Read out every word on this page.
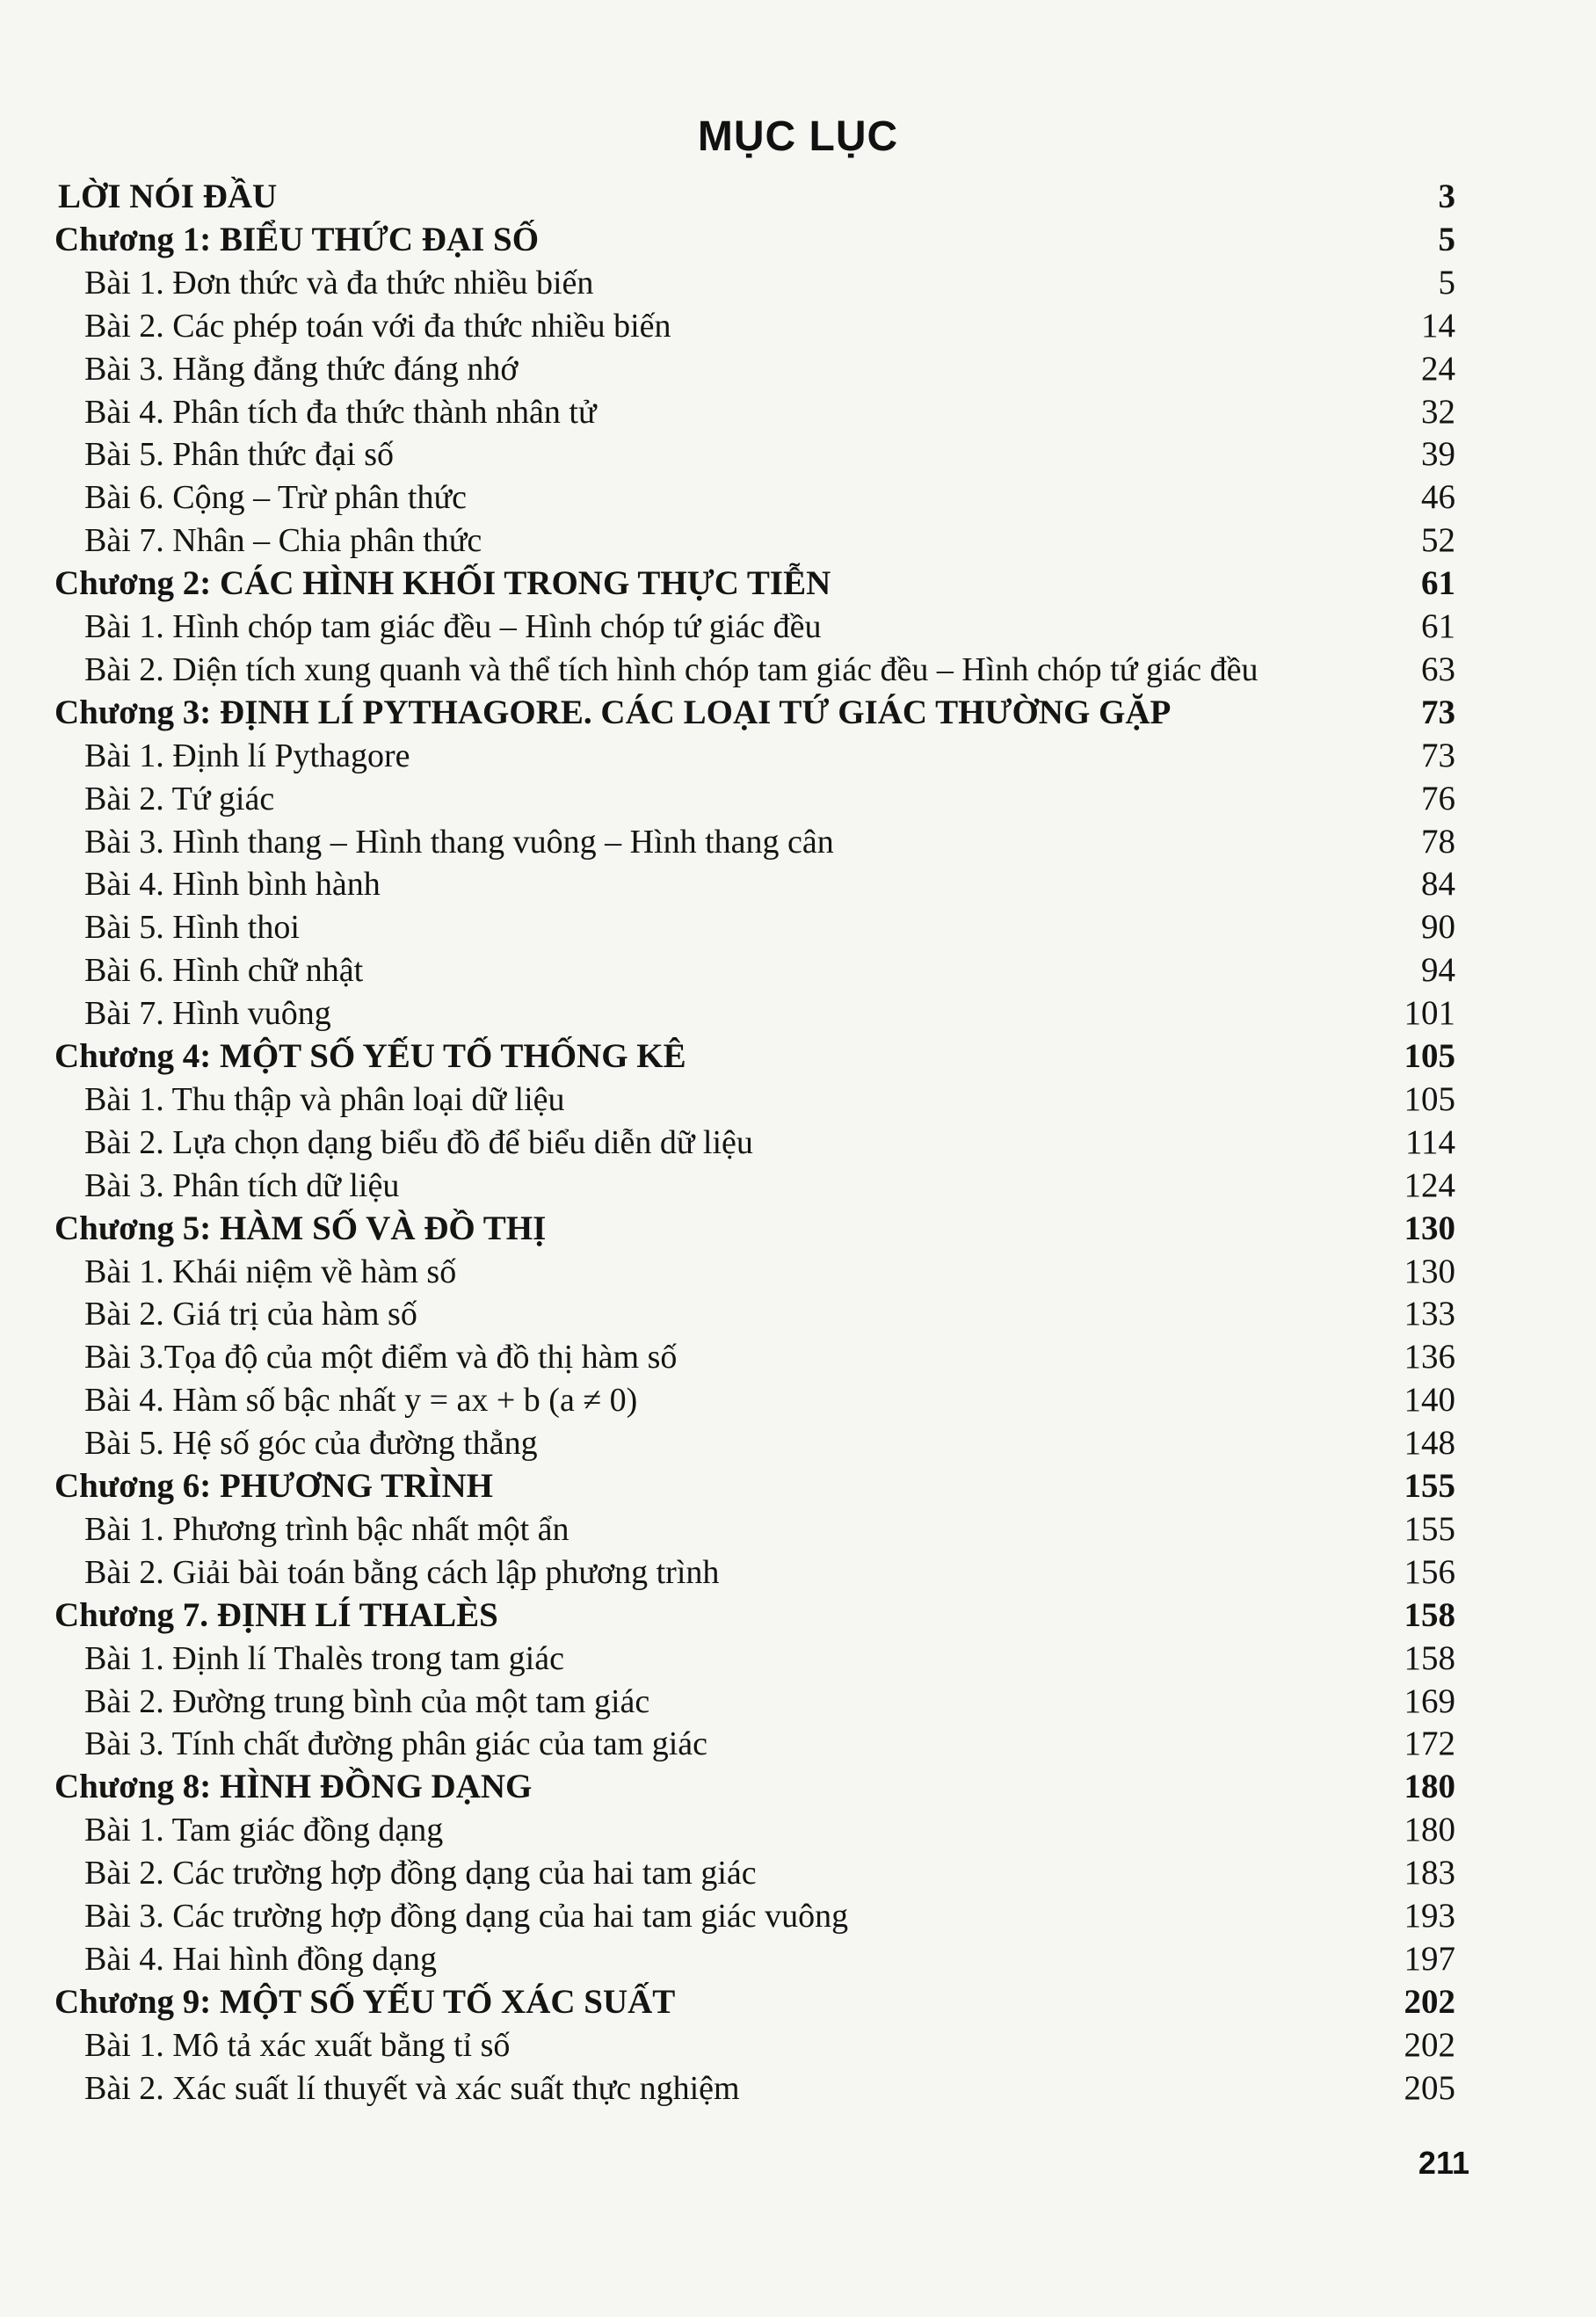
MỤC LỤC
LỜI NÓI ĐẦU	3
Chương 1: BIỂU THỨC ĐẠI SỐ	5
Bài 1. Đơn thức và đa thức nhiều biến	5
Bài 2. Các phép toán với đa thức nhiều biến	14
Bài 3. Hằng đẳng thức đáng nhớ	24
Bài 4. Phân tích đa thức thành nhân tử	32
Bài 5. Phân thức đại số	39
Bài 6. Cộng – Trừ phân thức	46
Bài 7. Nhân – Chia phân thức	52
Chương 2: CÁC HÌNH KHỐI TRONG THỰC TIỄN	61
Bài 1. Hình chóp tam giác đều – Hình chóp tứ giác đều	61
Bài 2. Diện tích xung quanh và thể tích hình chóp tam giác đều – Hình chóp tứ giác đều	63
Chương 3: ĐỊNH LÍ PYTHAGORE. CÁC LOẠI TỨ GIÁC THƯỜNG GẶP	73
Bài 1. Định lí Pythagore	73
Bài 2. Tứ giác	76
Bài 3. Hình thang – Hình thang vuông – Hình thang cân	78
Bài 4. Hình bình hành	84
Bài 5. Hình thoi	90
Bài 6. Hình chữ nhật	94
Bài 7. Hình vuông	101
Chương 4: MỘT SỐ YẾU TỐ THỐNG KÊ	105
Bài 1. Thu thập và phân loại dữ liệu	105
Bài 2. Lựa chọn dạng biểu đồ để biểu diễn dữ liệu	114
Bài 3. Phân tích dữ liệu	124
Chương 5: HÀM SỐ VÀ ĐỒ THỊ	130
Bài 1. Khái niệm về hàm số	130
Bài 2. Giá trị của hàm số	133
Bài 3.Tọa độ của một điểm và đồ thị hàm số	136
Bài 4. Hàm số bậc nhất y = ax + b (a ≠ 0)	140
Bài 5. Hệ số góc của đường thẳng	148
Chương 6: PHƯƠNG TRÌNH	155
Bài 1. Phương trình bậc nhất một ẩn	155
Bài 2. Giải bài toán bằng cách lập phương trình	156
Chương 7. ĐỊNH LÍ THALÈS	158
Bài 1. Định lí Thalès trong tam giác	158
Bài 2. Đường trung bình của một tam giác	169
Bài 3. Tính chất đường phân giác của tam giác	172
Chương 8: HÌNH ĐỒNG DẠNG	180
Bài 1. Tam giác đồng dạng	180
Bài 2. Các trường hợp đồng dạng của hai tam giác	183
Bài 3. Các trường hợp đồng dạng của hai tam giác vuông	193
Bài 4. Hai hình đồng dạng	197
Chương 9: MỘT SỐ YẾU TỐ XÁC SUẤT	202
Bài 1. Mô tả xác xuất bằng tỉ số	202
Bài 2. Xác suất lí thuyết và xác suất thực nghiệm	205
211
